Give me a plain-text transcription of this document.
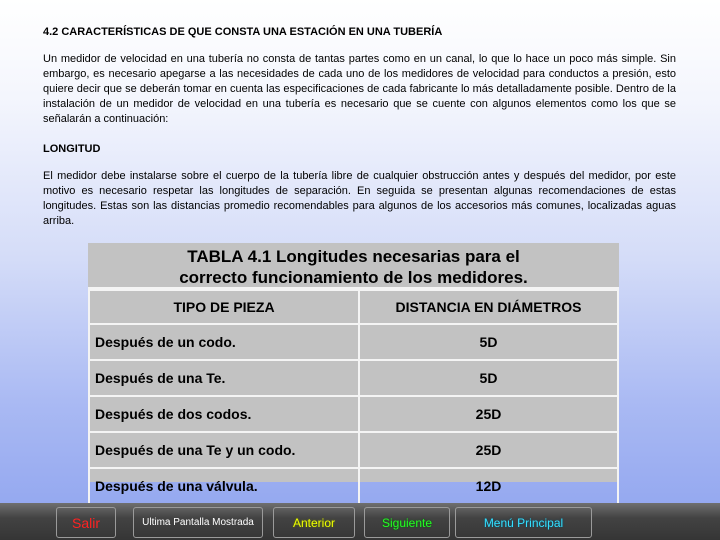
4.2 CARACTERÍSTICAS DE QUE CONSTA UNA ESTACIÓN EN UNA TUBERÍA

Un medidor de velocidad en una tubería no consta de tantas partes como en un canal, lo que lo hace un poco más simple. Sin embargo, es necesario apegarse a las necesidades de cada uno de los medidores de velocidad para conductos a presión, esto quiere decir que se deberán tomar en cuenta las especificaciones de cada fabricante lo más detalladamente posible. Dentro de la instalación de un medidor de velocidad en una tubería es necesario que se cuente con algunos elementos como los que se señalarán a continuación:

LONGITUD

El medidor debe instalarse sobre el cuerpo de la tubería libre de cualquier obstrucción antes y después del medidor, por este motivo es necesario respetar las longitudes de separación. En seguida se presentan algunas recomendaciones de estas longitudes. Estas son las distancias promedio recomendables para algunos de los accesorios más comunes, localizadas aguas arriba.

TABLA 4.1 Longitudes necesarias para el
correcto funcionamiento de los medidores.
TIPO DE PIEZA	DISTANCIA EN DIÁMETROS
Después de un codo.	5D
Después de una Te.	5D
Después de dos codos.	25D
Después de una Te y un codo.	25D
Después de una válvula.	12D
Salir	Ultima Pantalla Mostrada	Anterior	Siguiente	Menú Principal
